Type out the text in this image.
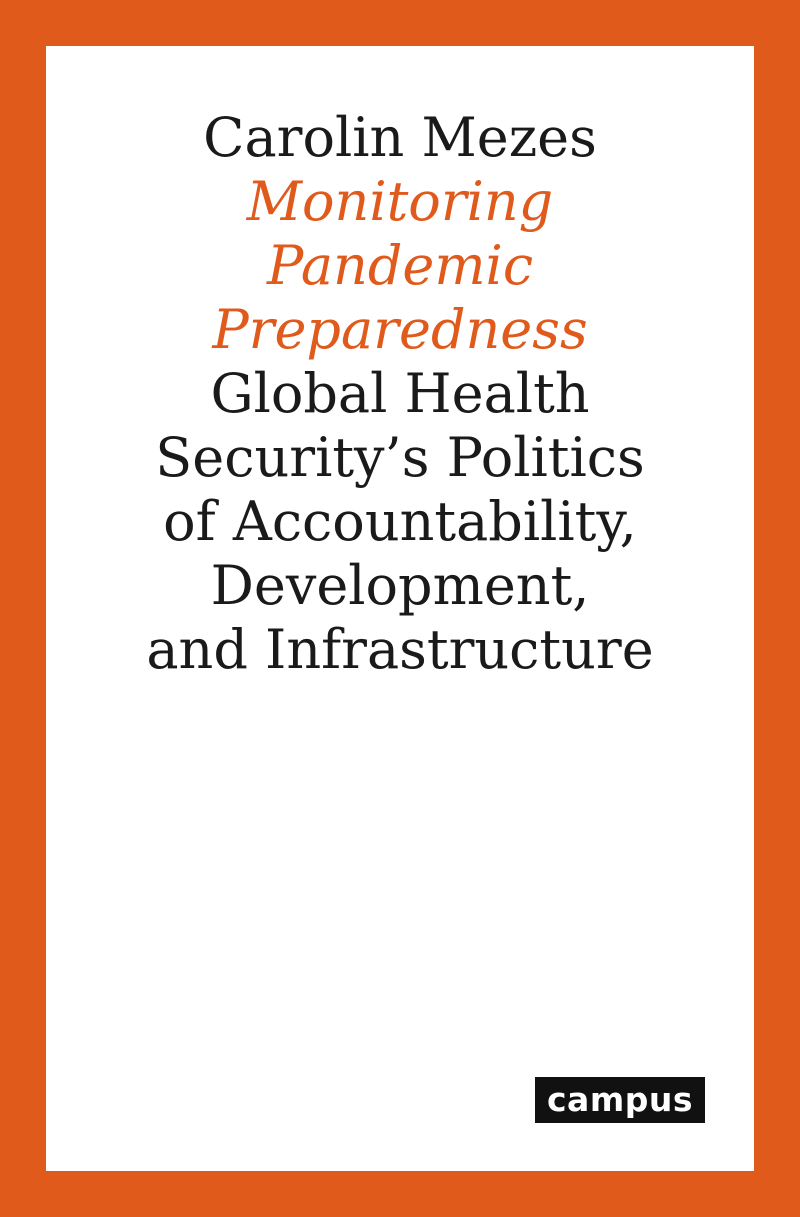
Carolin Mezes
Monitoring
Pandemic
Preparedness
Global Health
Security’s Politics
of Accountability,
Development,
and Infrastructure
campus
